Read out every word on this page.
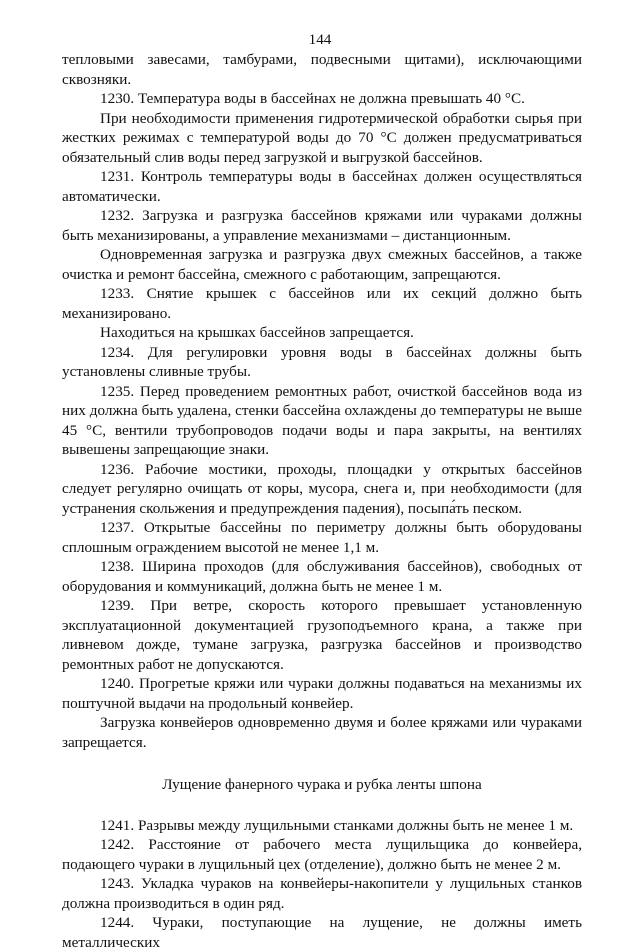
144

тепловыми завесами, тамбурами, подвесными щитами), исключающими сквозняки.

1230. Температура воды в бассейнах не должна превышать 40 °С.

При необходимости применения гидротермической обработки сырья при жестких режимах с температурой воды до 70 °С должен предусматриваться обязательный слив воды перед загрузкой и выгрузкой бассейнов.

1231. Контроль температуры воды в бассейнах должен осуществляться автоматически.

1232. Загрузка и разгрузка бассейнов кряжами или чураками должны быть механизированы, а управление механизмами – дистанционным.

Одновременная загрузка и разгрузка двух смежных бассейнов, а также очистка и ремонт бассейна, смежного с работающим, запрещаются.

1233. Снятие крышек с бассейнов или их секций должно быть механизировано.

Находиться на крышках бассейнов запрещается.

1234. Для регулировки уровня воды в бассейнах должны быть установлены сливные трубы.

1235. Перед проведением ремонтных работ, очисткой бассейнов вода из них должна быть удалена, стенки бассейна охлаждены до температуры не выше 45 °С, вентили трубопроводов подачи воды и пара закрыты, на вентилях вывешены запрещающие знаки.

1236. Рабочие мостики, проходы, площадки у открытых бассейнов следует регулярно очищать от коры, мусора, снега и, при необходимости (для устранения скольжения и предупреждения падения), посыпа́ть песком.

1237. Открытые бассейны по периметру должны быть оборудованы сплошным ограждением высотой не менее 1,1 м.

1238. Ширина проходов (для обслуживания бассейнов), свободных от оборудования и коммуникаций, должна быть не менее 1 м.

1239. При ветре, скорость которого превышает установленную эксплуатационной документацией грузоподъемного крана, а также при ливневом дожде, тумане загрузка, разгрузка бассейнов и производство ремонтных работ не допускаются.

1240. Прогретые кряжи или чураки должны подаваться на механизмы их поштучной выдачи на продольный конвейер.

Загрузка конвейеров одновременно двумя и более кряжами или чураками запрещается.

Лущение фанерного чурака и рубка ленты шпона

1241. Разрывы между лущильными станками должны быть не менее 1 м.

1242. Расстояние от рабочего места лущильщика до конвейера, подающего чураки в лущильный цех (отделение), должно быть не менее 2 м.

1243. Укладка чураков на конвейеры-накопители у лущильных станков должна производиться в один ряд.

1244. Чураки, поступающие на лущение, не должны иметь металлических
